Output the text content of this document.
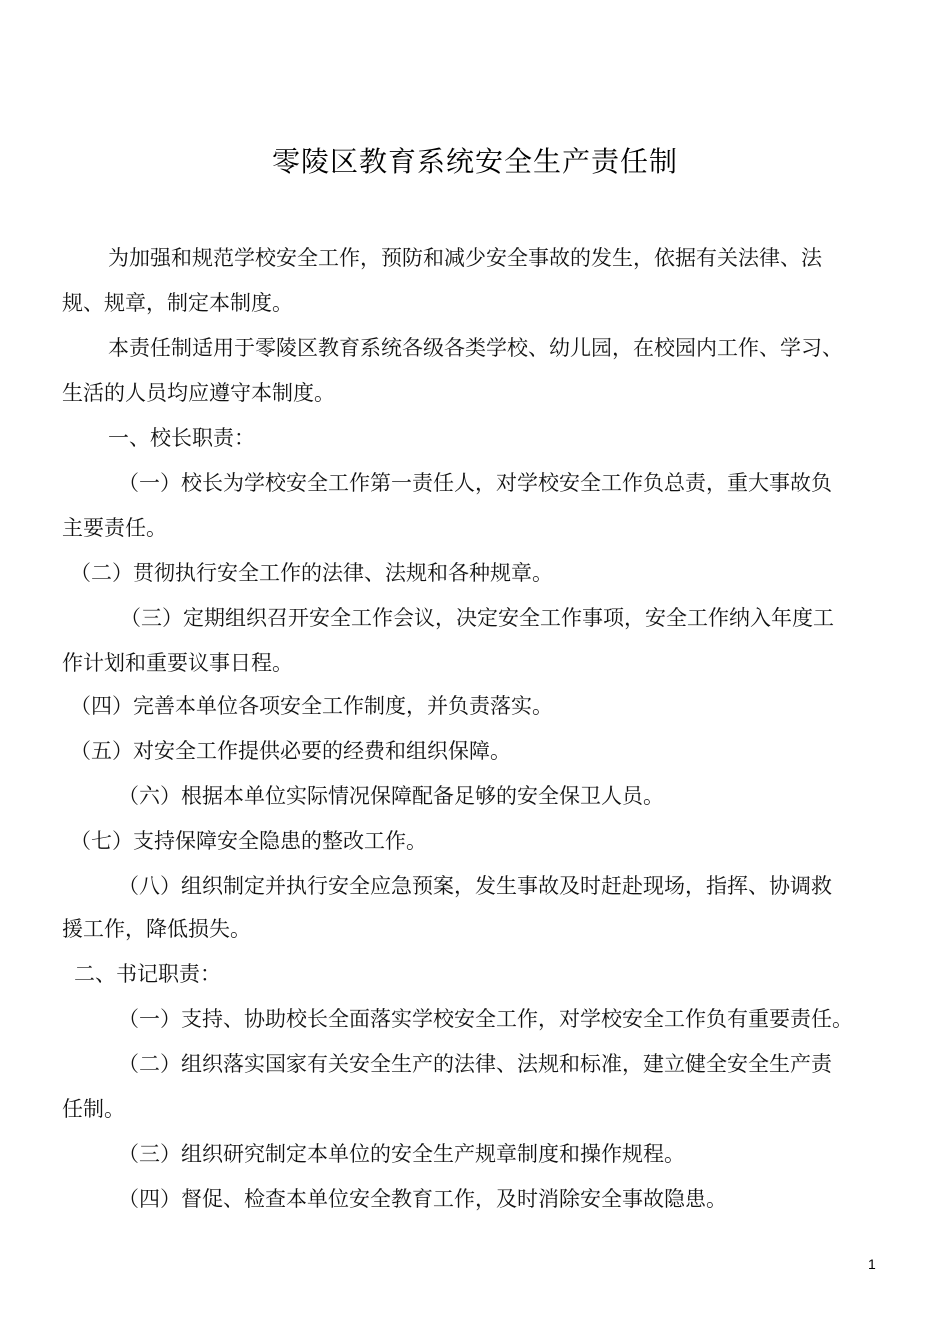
零陵区教育系统安全生产责任制
为加强和规范学校安全工作，预防和减少安全事故的发生，依据有关法律、法
规、规章，制定本制度。
本责任制适用于零陵区教育系统各级各类学校、幼儿园，在校园内工作、学习、
生活的人员均应遵守本制度。
一、校长职责：
（一）校长为学校安全工作第一责任人，对学校安全工作负总责，重大事故负
主要责任。
（二）贯彻执行安全工作的法律、法规和各种规章。
（三）定期组织召开安全工作会议，决定安全工作事项，安全工作纳入年度工
作计划和重要议事日程。
（四）完善本单位各项安全工作制度，并负责落实。
（五）对安全工作提供必要的经费和组织保障。
（六）根据本单位实际情况保障配备足够的安全保卫人员。
（七）支持保障安全隐患的整改工作。
（八）组织制定并执行安全应急预案，发生事故及时赶赴现场，指挥、协调救
援工作，降低损失。
二、书记职责：
（一）支持、协助校长全面落实学校安全工作，对学校安全工作负有重要责任。
（二）组织落实国家有关安全生产的法律、法规和标准，建立健全安全生产责
任制。
（三）组织研究制定本单位的安全生产规章制度和操作规程。
（四）督促、检查本单位安全教育工作，及时消除安全事故隐患。
1
